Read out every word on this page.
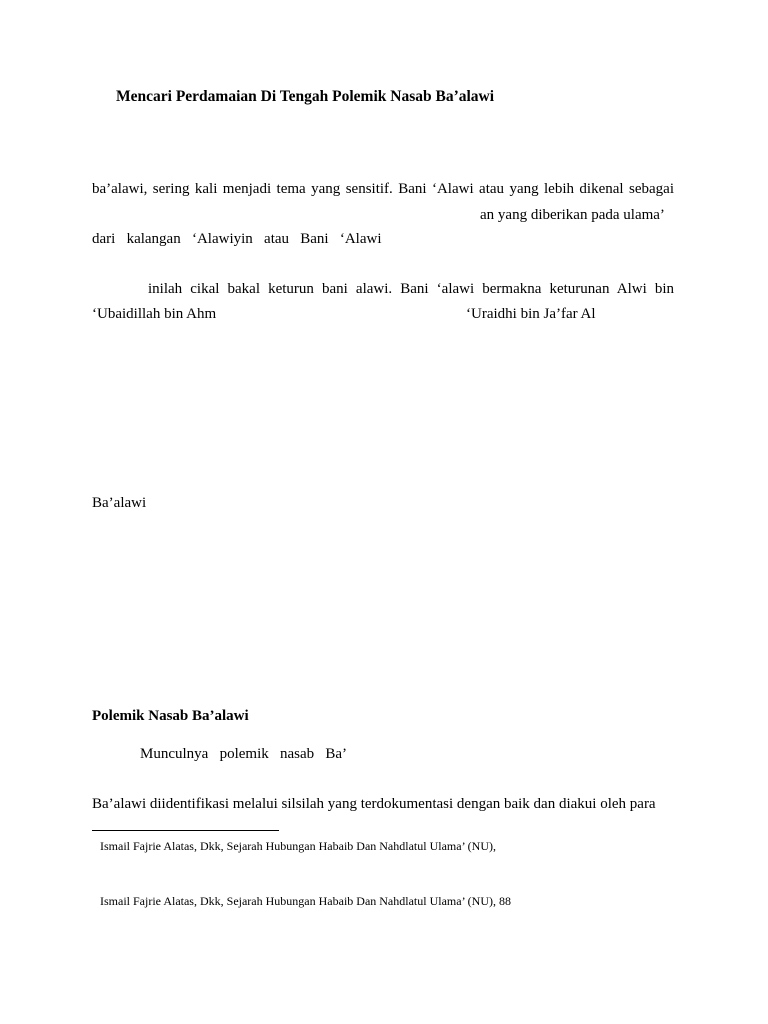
Mencari Perdamaian Di Tengah Polemik Nasab Ba’alawi
ba’alawi, sering kali menjadi tema yang sensitif. Bani ‘Alawi atau yang lebih dikenal sebagai
an yang diberikan pada ulama’
dari   kalangan   ‘Alawiyin   atau   Bani   ‘Alawi
inilah cikal bakal keturun bani alawi. Bani ‘alawi bermakna keturunan Alwi bin
‘Ubaidillah bin Ahm	‘Uraidhi bin Ja’far Al
Ba’alawi
Polemik Nasab Ba’alawi
Munculnya   polemik   nasab   Ba’
Ba’alawi diidentifikasi melalui silsilah yang terdokumentasi dengan baik dan diakui oleh para
Ismail Fajrie Alatas, Dkk, Sejarah Hubungan Habaib Dan Nahdlatul Ulama’ (NU),
Ismail Fajrie Alatas, Dkk, Sejarah Hubungan Habaib Dan Nahdlatul Ulama’ (NU), 88
